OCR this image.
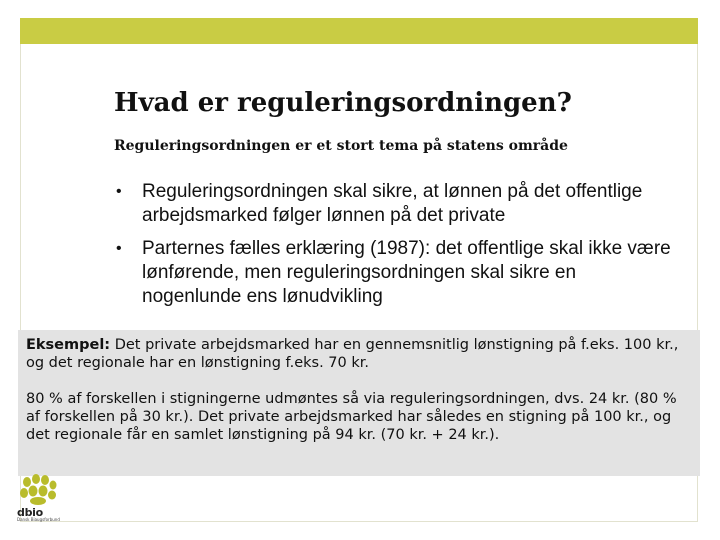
Hvad er reguleringsordningen?
Reguleringsordningen er et stort tema på statens område
• Reguleringsordningen skal sikre, at lønnen på det offentlige arbejdsmarked følger lønnen på det private
• Parternes fælles erklæring (1987): det offentlige skal ikke være lønførende, men reguleringsordningen skal sikre en nogenlunde ens lønudvikling

Eksempel: Det private arbejdsmarked har en gennemsnitlig lønstigning på f.eks. 100 kr., og det regionale har en lønstigning f.eks. 70 kr.

80 % af forskellen i stigningerne udmøntes så via reguleringsordningen, dvs. 24 kr. (80 % af forskellen på 30 kr.). Det private arbejdsmarked har således en stigning på 100 kr., og det regionale får en samlet lønstigning på 94 kr. (70 kr. + 24 kr.).

dbio
Dansk Biaugsforbund
